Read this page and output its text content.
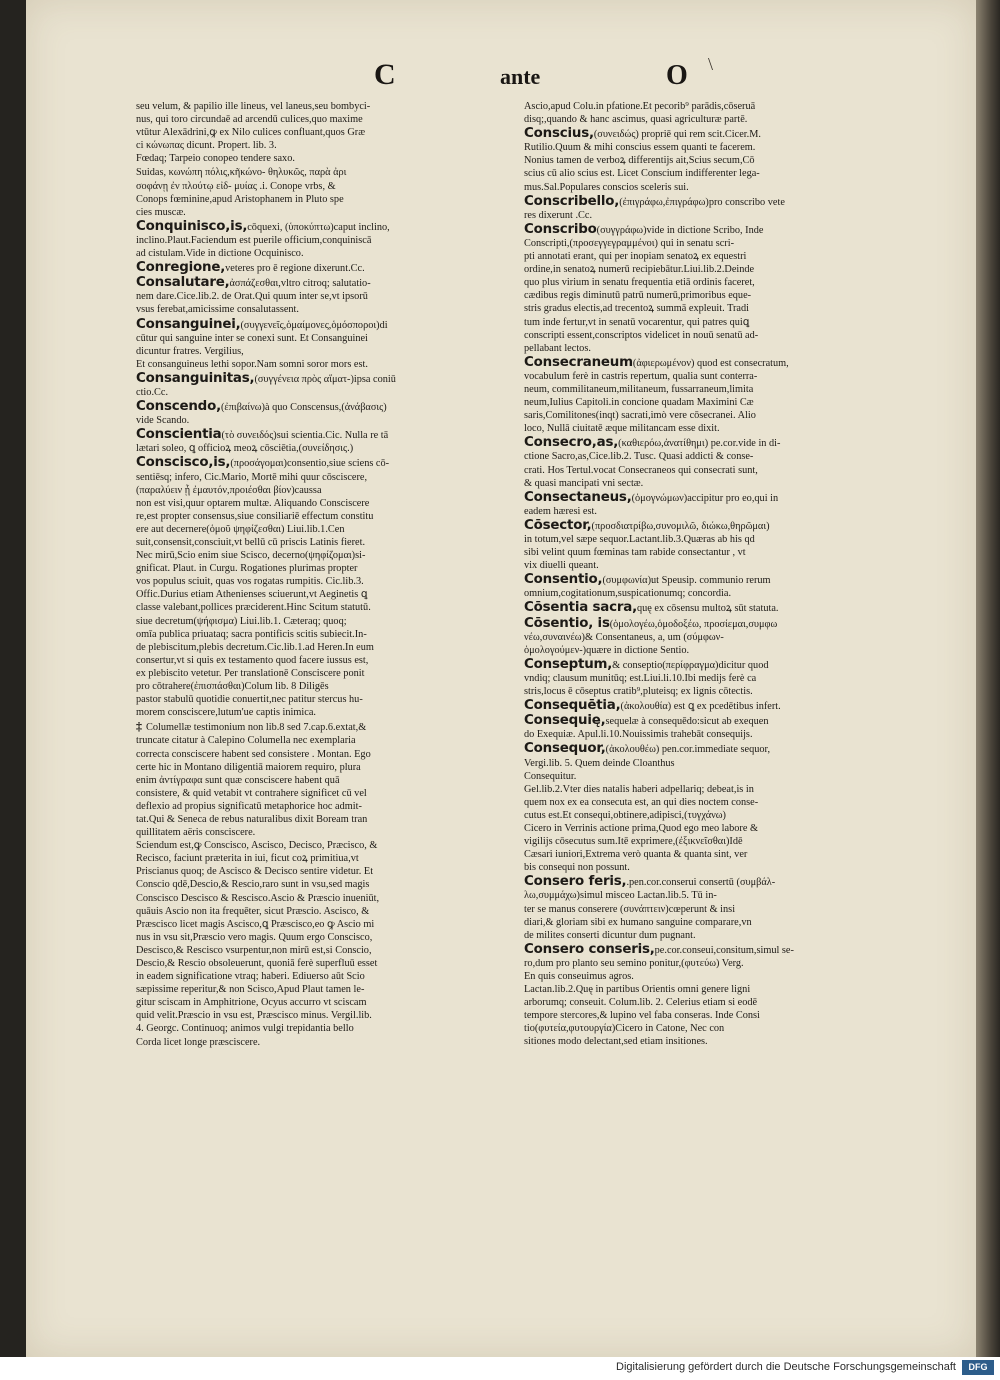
C	ante	O \
seu velum, & papilio ille lineus, vel laneus,seu bombyci-
nus, qui toro circundaē ad arcendū culices,quo maxime
vtūtur Alexādrini,ꝙ ex Nilo culices confluant,quos Græ
ci κώνωπας dicunt. Propert. lib. 3.
Fœdaq; Tarpeio conopeo tendere saxo.
Suidas, κωνώπη πόλις,κῆκώνο‑ θηλυκῶς, παρὰ ἀρι
σοφάνῃ ἐν πλούτῳ εἰδ‑ μυίας .i. Conope vrbs, &
Conops fœminine,apud Aristophanem in Pluto spe
cies muscæ.
Conquinisco,is,cōquexi, (ὑποκύπτω)caput inclino,
inclino.Plaut.Faciendum est puerile officium,conquiniscā
ad cistulam.Vide in dictione Ocquinisco.
Conregione,veteres pro ē regione dixerunt.Cc.
Consalutare,ἀσπάζεσθαι,vltro citroq; salutatio-
nem dare.Cice.lib.2. de Orat.Qui quum inter se,vt ipsorū
vsus ferebat,amicissime consalutassent.
Consanguinei,(συγγενεῖς,ὁμαίμονες,ὁμόσποροι)di
cūtur qui sanguine inter se conexi sunt. Et Consanguinei
dicuntur fratres. Vergilius,
Et consanguineus lethi sopor.Nam somni soror mors est.
Consanguinitas,(συγγένεια πρὸς αἵματ‑)ipsa coniū
ctio.Cc.
Conscendo,(ἐπιβαίνω)à quo Conscensus,(ἀνάβασις)
vide Scando.
Conscientia(τὸ συνειδός)sui scientia.Cic. Nulla re tā
lætari soleo, ꝗ officioꝝ meoꝝ cōsciētia,(συνείδησις.)
Conscisco,is,(προσάγομαι)consentio,siue sciens cō-
sentiēsq; infero, Cic.Mario, Mortē mihi quur cōsciscere,
(παραλύειν ᾗ ἐμαυτόν,προιέσθαι βίον)caussa
non est visi,quur optarem multæ. Aliquando Consciscere
re,est propter consensus,siue consiliariē effectum constitu
ere aut decernere(ὁμοῦ ψηφίζεσθαι) Liui.lib.1.Cen
suit,consensit,consciuit,vt bellū cū priscis Latinis fieret.
Nec mirū,Scio enim siue Scisco, decerno(ψηφίζομαι)si-
gnificat. Plaut. in Curgu. Rogationes plurimas propter
vos populus sciuit, quas vos rogatas rumpitis. Cic.lib.3.
Offic.Durius etiam Athenienses sciuerunt,vt Aeginetis ꝗ
classe valebant,pollices præciderent.Hinc Scitum statutū.
siue decretum(ψήφισμα) Liui.lib.1. Cæteraq; quoq;
omīa publica priuataq; sacra pontificis scitis subiecit.In-
de plebiscitum,plebis decretum.Cic.lib.1.ad Heren.In eum
consertur,vt si quis ex testamento quod facere iussus est,
ex plebiscito vetetur. Per translationē Consciscere ponit
pro cōtrahere(ἐπισπάσθαι)Colum lib. 8 Diligēs
pastor stabulū quotidie conuertit,nec patitur stercus hu-
morem consciscere,lutum'ue captis inimica.
‡ Columellæ testimonium non lib.8 sed 7.cap.6.extat,&
truncate citatur à Calepino Columella nec exemplaria
correcta consciscere habent sed consistere . Montan. Ego
certe hic in Montano diligentiā maiorem requiro, plura
enim ἀντίγραφα sunt quæ consciscere habent quā
consistere, & quid vetabit vt contrahere significet cū vel
deflexio ad propius significatū metaphorice hoc admit-
tat.Qui & Seneca de rebus naturalibus dixit Boream tran
quillitatem aëris consciscere.
Sciendum est,ꝙ Conscisco, Ascisco, Decisco, Præcisco, &
Recisco, faciunt præterita in iui, ficut coꝝ primitiua,vt
Priscianus quoq; de Ascisco & Decisco sentire videtur. Et
Conscio qdē,Descio,& Rescio,raro sunt in vsu,sed magis
Conscisco Descisco & Rescisco.Ascio & Præscio inueniūt,
quāuis Ascio non ita frequēter, sicut Præscio. Ascisco, &
Præscisco licet magis Ascisco,ꝗ Præscisco,eo ꝙ Ascio mi
nus in vsu sit,Præscio vero magis. Quum ergo Conscisco,
Descisco,& Rescisco vsurpentur,non mirū est,si Conscio,
Descio,& Rescio obsoleuerunt, quoniā ferè superfluū esset
in eadem significatione vtraq; haberi. Ediuerso aūt Scio
sæpissime reperitur,& non Scisco,Apud Plaut tamen le-
gitur sciscam in Amphitrione, Ocyus accurro vt sciscam
quid velit.Præscio in vsu est, Præscisco minus. Vergil.lib.
4. Georgc. Continuoq; animos vulgi trepidantia bello
Corda licet longe præsciscere.
Ascio,apud Colu.in pfatione.Et pecorib⁹ parādis,cōseruā
disq;,quando & hanc ascimus, quasi agriculturæ partē.
Conscius,(συνειδώς) propriē qui rem scit.Cicer.M.
Rutilio.Quum & mihi conscius essem quanti te facerem.
Nonius tamen de verboꝝ differentijs ait,Scius secum,Cō
scius cū alio scius est. Licet Conscium indifferenter lega-
mus.Sal.Populares conscios sceleris sui.
Conscribello,(ἐπιγράφω,ἐπιγράφω)pro conscribo vete
res dixerunt .Cc.
Conscribo(συγγράφω)vide in dictione Scribo, Inde
Conscripti,(προσεγγεγραμμένοι) qui in senatu scri-
pti annotati erant, qui per inopiam senatoꝝ ex equestri
ordine,in senatoꝝ numerū recipiebātur.Liui.lib.2.Deinde
quo plus virium in senatu frequentia etiā ordinis faceret,
cædibus regis diminutū patrū numerū,primoribus eque-
stris gradus electis,ad trecentoꝝ summā expleuit. Tradi
tum inde fertur,vt in senatū vocarentur, qui patres quiꝗ
conscripti essent,conscriptos videlicet in nouū senatū ad-
pellabant lectos.
Consecraneum(ἀφιερωμένον) quod est consecratum,
vocabulum ferè in castris repertum, qualia sunt conterra-
neum, commilitaneum,militaneum, fussarraneum,limita
neum,Iulius Capitoli.in concione quadam Maximini Cæ
saris,Comilitones(inqt) sacrati,imò vere cōsecranei. Alio
loco, Nullā ciuitatē æque militancam esse dixit.
Consecro,as,(καθιερόω,ἀνατίθημι) pe.cor.vide in di-
ctione Sacro,as,Cice.lib.2. Tusc. Quasi addicti & conse-
crati. Hos Tertul.vocat Consecraneos qui consecrati sunt,
& quasi mancipati vni sectæ.
Consectaneus,(ὁμογνώμων)accipitur pro eo,qui in
eadem hæresi est.
Cōsector,(προσδιατρίβω,συνομιλῶ, διώκω,θηρῶμαι)
in totum,vel sæpe sequor.Lactant.lib.3.Quæras ab his qd
sibi velint quum fœminas tam rabide consectantur , vt
vix diuelli queant.
Consentio,(συμφωνία)ut Speusip. communio rerum
omnium,cogitationum,suspicationumq; concordia.
Cōsentia sacra,quę ex cōsensu multoꝝ sūt statuta.
Cōsentio, is(ὁμολογέω,ὁμοδοξέω, προσίεμαι,συμφω
νέω,συναινέω)& Consentaneus, a, um (σύμφων‑
ὁμολογούμεν‑)quære in dictione Sentio.
Conseptum,& conseptio(περίφραγμα)dicitur quod
vndiq; clausum munitūq; est.Liui.li.10.Ibi medijs ferè ca
stris,locus ē cōseptus cratib⁹,pluteisq; ex lignis cōtectis.
Consequētia,(ἀκολουθία) est ꝗ ex pcedētibus infert.
Consequię,sequelæ à consequēdo:sicut ab exequen
do Exequiæ. Apul.li.10.Nouissimis trahebāt consequijs.
Consequor,(ἀκολουθέω) pen.cor.immediate sequor,
Vergi.lib. 5. Quem deinde Cloanthus
Consequitur.
Gel.lib.2.Vter dies natalis haberi adpellariq; debeat,is in
quem nox ex ea consecuta est, an qui dies noctem conse-
cutus est.Et consequi,obtinere,adipisci,(τυγχάνω)
Cicero in Verrinis actione prima,Quod ego meo labore &
vigilijs cōsecutus sum.Itē exprimere,(ἐξικνεῖσθαι)Idē
Cæsari iuniori,Extrema verò quanta & quanta sint, ver
bis consequi non possunt.
Consero feris,.pen.cor.conserui consertū (συμβάλ-
λω,συμμάχω)simul misceo Lactan.lib.5. Tū in-
ter se manus conserere (συνάπτειν)cœperunt & insi
diari,& gloriam sibi ex humano sanguine comparare,vn
de milites conserti dicuntur dum pugnant.
Consero conseris,pe.cor.conseui,consitum,simul se-
ro,dum pro planto seu semino ponitur,(φυτεύω) Verg.
En quis conseuimus agros.
Lactan.lib.2.Quę in partibus Orientis omni genere ligni
arborumq; conseuit. Colum.lib. 2. Celerius etiam si eodē
tempore stercores,& lupino vel faba conseras. Inde Consi
tio(φυτεία,φυτουργία)Cicero in Catone, Nec con
sitiones modo delectant,sed etiam insitiones.
Digitalisierung gefördert durch die Deutsche Forschungsgemeinschaft	DFG
